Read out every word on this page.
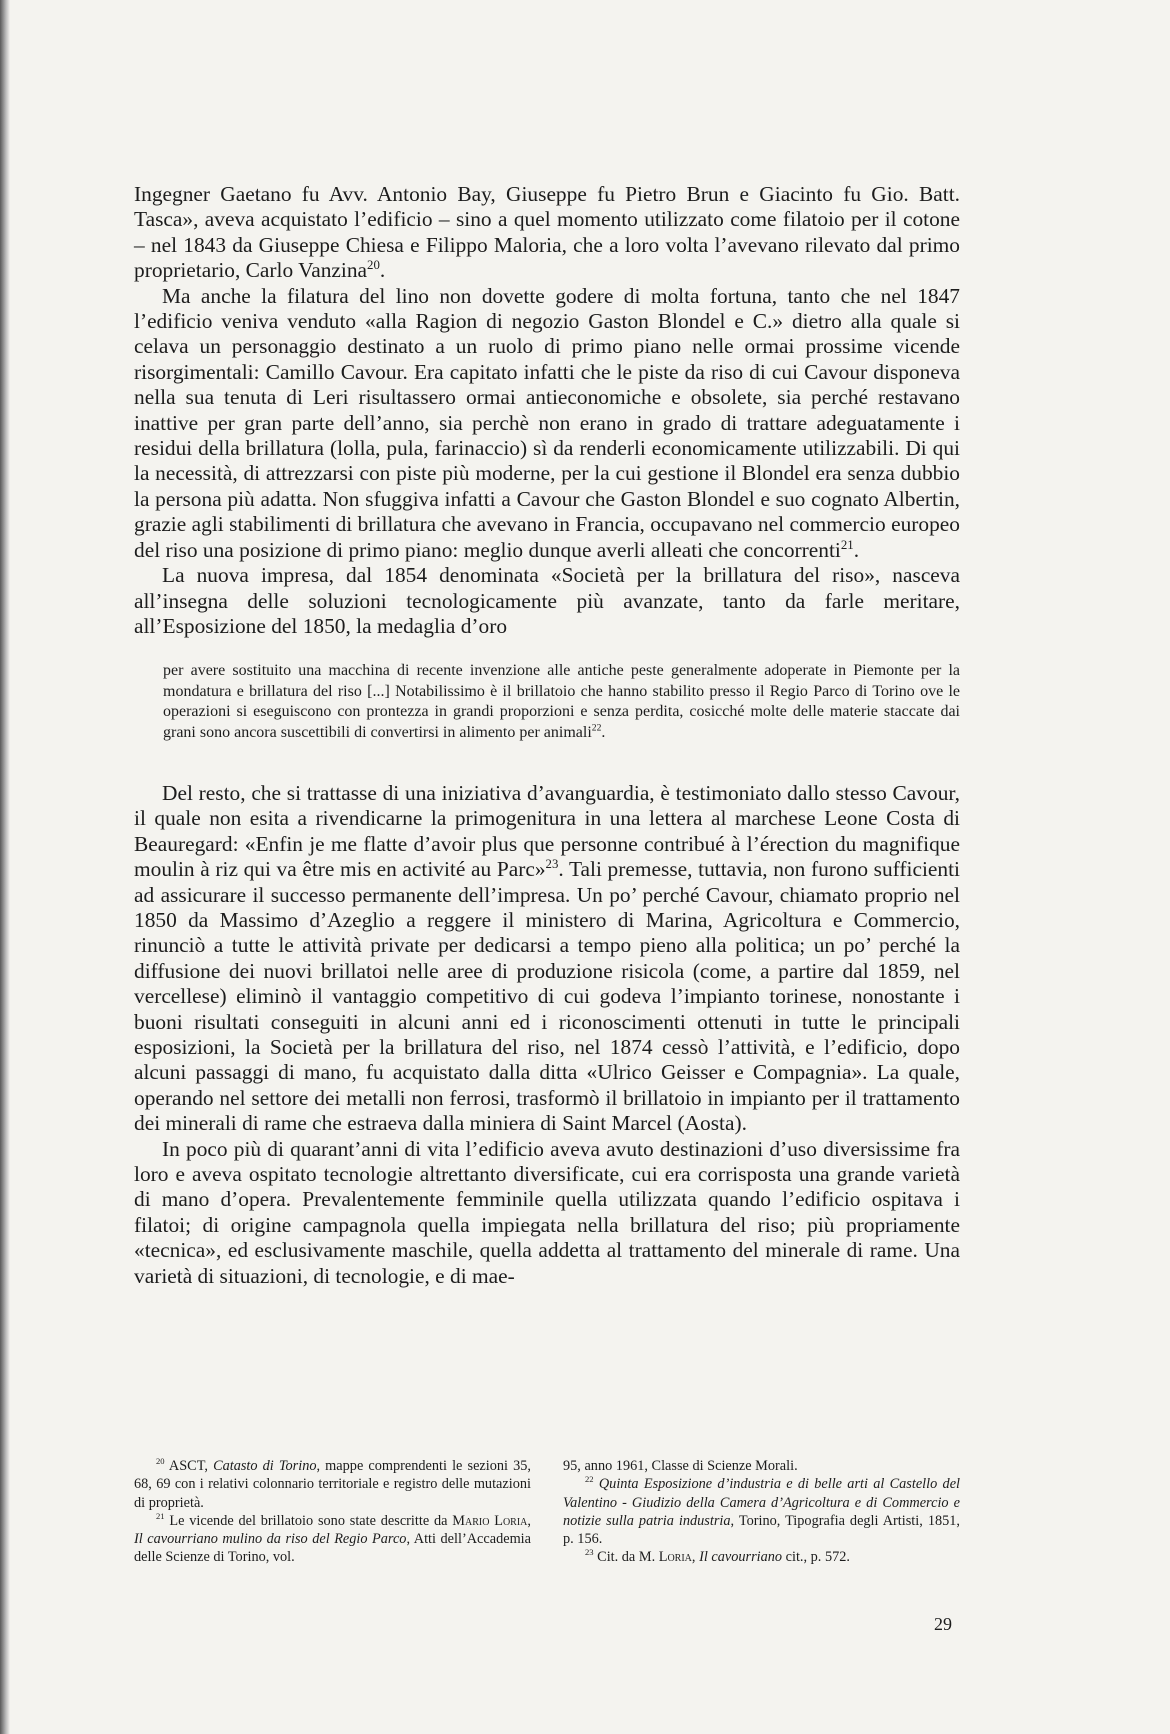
Ingegner Gaetano fu Avv. Antonio Bay, Giuseppe fu Pietro Brun e Giacinto fu Gio. Batt. Tasca», aveva acquistato l’edificio – sino a quel momento utilizzato come filatoio per il cotone – nel 1843 da Giuseppe Chiesa e Filippo Maloria, che a loro volta l’avevano rilevato dal primo proprietario, Carlo Vanzina$^{20}$.

Ma anche la filatura del lino non dovette godere di molta fortuna, tanto che nel 1847 l’edificio veniva venduto «alla Ragion di negozio Gaston Blondel e C.» dietro alla quale si celava un personaggio destinato a un ruolo di primo piano nelle ormai prossime vicende risorgimentali: Camillo Cavour. Era capitato infatti che le piste da riso di cui Cavour disponeva nella sua tenuta di Leri risultassero ormai antieconomiche e obsolete, sia perché restavano inattive per gran parte dell’anno, sia perchè non erano in grado di trattare adeguatamente i residui della brillatura (lolla, pula, farinaccio) sì da renderli economicamente utilizzabili. Di qui la necessità, di attrezzarsi con piste più moderne, per la cui gestione il Blondel era senza dubbio la persona più adatta. Non sfuggiva infatti a Cavour che Gaston Blondel e suo cognato Albertin, grazie agli stabilimenti di brillatura che avevano in Francia, occupavano nel commercio europeo del riso una posizione di primo piano: meglio dunque averli alleati che concorrenti$^{21}$.

La nuova impresa, dal 1854 denominata «Società per la brillatura del riso», nasceva all’insegna delle soluzioni tecnologicamente più avanzate, tanto da farle meritare, all’Esposizione del 1850, la medaglia d’oro

per avere sostituito una macchina di recente invenzione alle antiche peste generalmente adoperate in Piemonte per la mondatura e brillatura del riso [...] Notabilissimo è il brillatoio che hanno stabilito presso il Regio Parco di Torino ove le operazioni si eseguiscono con prontezza in grandi proporzioni e senza perdita, cosicché molte delle materie staccate dai grani sono ancora suscettibili di convertirsi in alimento per animali$^{22}$.

Del resto, che si trattasse di una iniziativa d’avanguardia, è testimoniato dallo stesso Cavour, il quale non esita a rivendicarne la primogenitura in una lettera al marchese Leone Costa di Beauregard: «Enfin je me flatte d’avoir plus que personne contribué à l’érection du magnifique moulin à riz qui va être mis en activité au Parc»$^{23}$. Tali premesse, tuttavia, non furono sufficienti ad assicurare il successo permanente dell’impresa. Un po’ perché Cavour, chiamato proprio nel 1850 da Massimo d’Azeglio a reggere il ministero di Marina, Agricoltura e Commercio, rinunciò a tutte le attività private per dedicarsi a tempo pieno alla politica; un po’ perché la diffusione dei nuovi brillatoi nelle aree di produzione risicola (come, a partire dal 1859, nel vercellese) eliminò il vantaggio competitivo di cui godeva l’impianto torinese, nonostante i buoni risultati conseguiti in alcuni anni ed i riconoscimenti ottenuti in tutte le principali esposizioni, la Società per la brillatura del riso, nel 1874 cessò l’attività, e l’edificio, dopo alcuni passaggi di mano, fu acquistato dalla ditta «Ulrico Geisser e Compagnia». La quale, operando nel settore dei metalli non ferrosi, trasformò il brillatoio in impianto per il trattamento dei minerali di rame che estraeva dalla miniera di Saint Marcel (Aosta).

In poco più di quarant’anni di vita l’edificio aveva avuto destinazioni d’uso diversissime fra loro e aveva ospitato tecnologie altrettanto diversificate, cui era corrisposta una grande varietà di mano d’opera. Prevalentemente femminile quella utilizzata quando l’edificio ospitava i filatoi; di origine campagnola quella impiegata nella brillatura del riso; più propriamente «tecnica», ed esclusivamente maschile, quella addetta al trattamento del minerale di rame. Una varietà di situazioni, di tecnologie, e di mae-

$^{20}$ ASCT, Catasto di Torino, mappe comprendenti le sezioni 35, 68, 69 con i relativi colonnario territoriale e registro delle mutazioni di proprietà.

$^{21}$ Le vicende del brillatoio sono state descritte da Mario Loria, Il cavourriano mulino da riso del Regio Parco, Atti dell’Accademia delle Scienze di Torino, vol.

95, anno 1961, Classe di Scienze Morali.

$^{22}$ Quinta Esposizione d’industria e di belle arti al Castello del Valentino - Giudizio della Camera d’Agricoltura e di Commercio e notizie sulla patria industria, Torino, Tipografia degli Artisti, 1851, p. 156.

$^{23}$ Cit. da M. Loria, Il cavourriano cit., p. 572.

29
